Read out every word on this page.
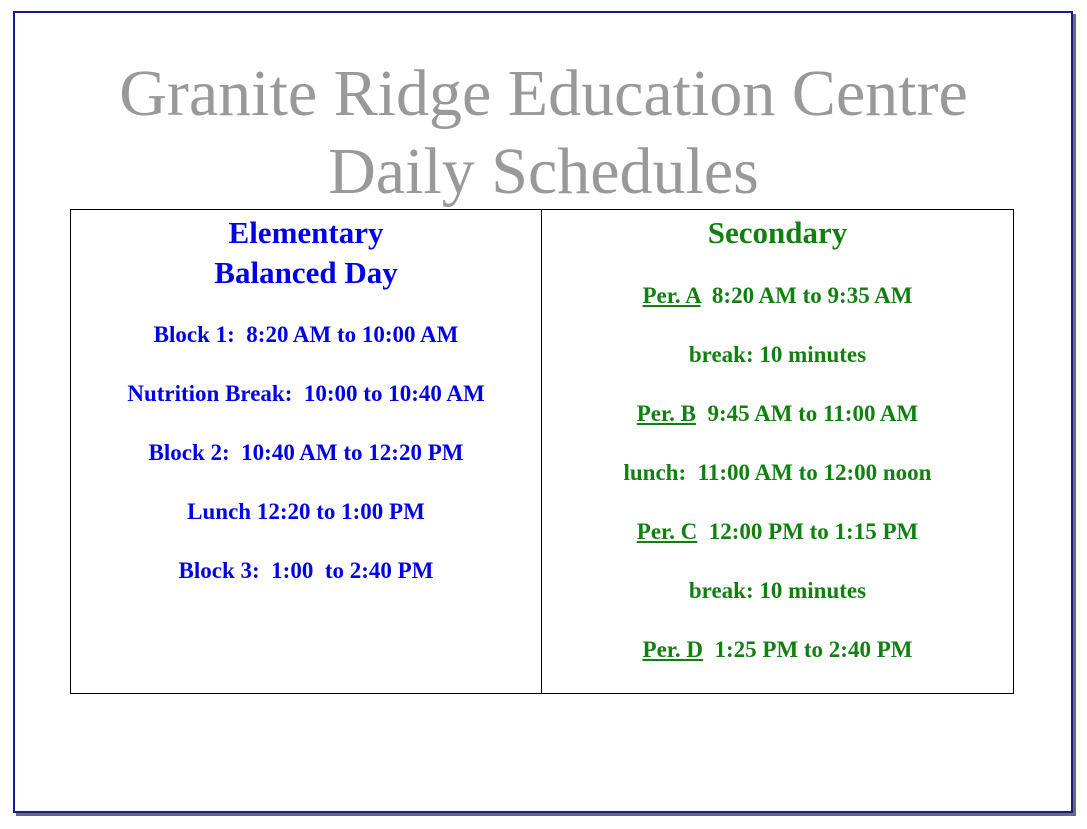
Granite Ridge Education Centre
Daily Schedules
Elementary
Balanced Day
Block 1:  8:20 AM to 10:00 AM
Nutrition Break:  10:00 to 10:40 AM
Block 2:  10:40 AM to 12:20 PM
Lunch 12:20 to 1:00 PM
Block 3:  1:00  to 2:40 PM
Secondary
Per. A  8:20 AM to 9:35 AM
break: 10 minutes
Per. B  9:45 AM to 11:00 AM
lunch:  11:00 AM to 12:00 noon
Per. C  12:00 PM to 1:15 PM
break: 10 minutes
Per. D  1:25 PM to 2:40 PM
